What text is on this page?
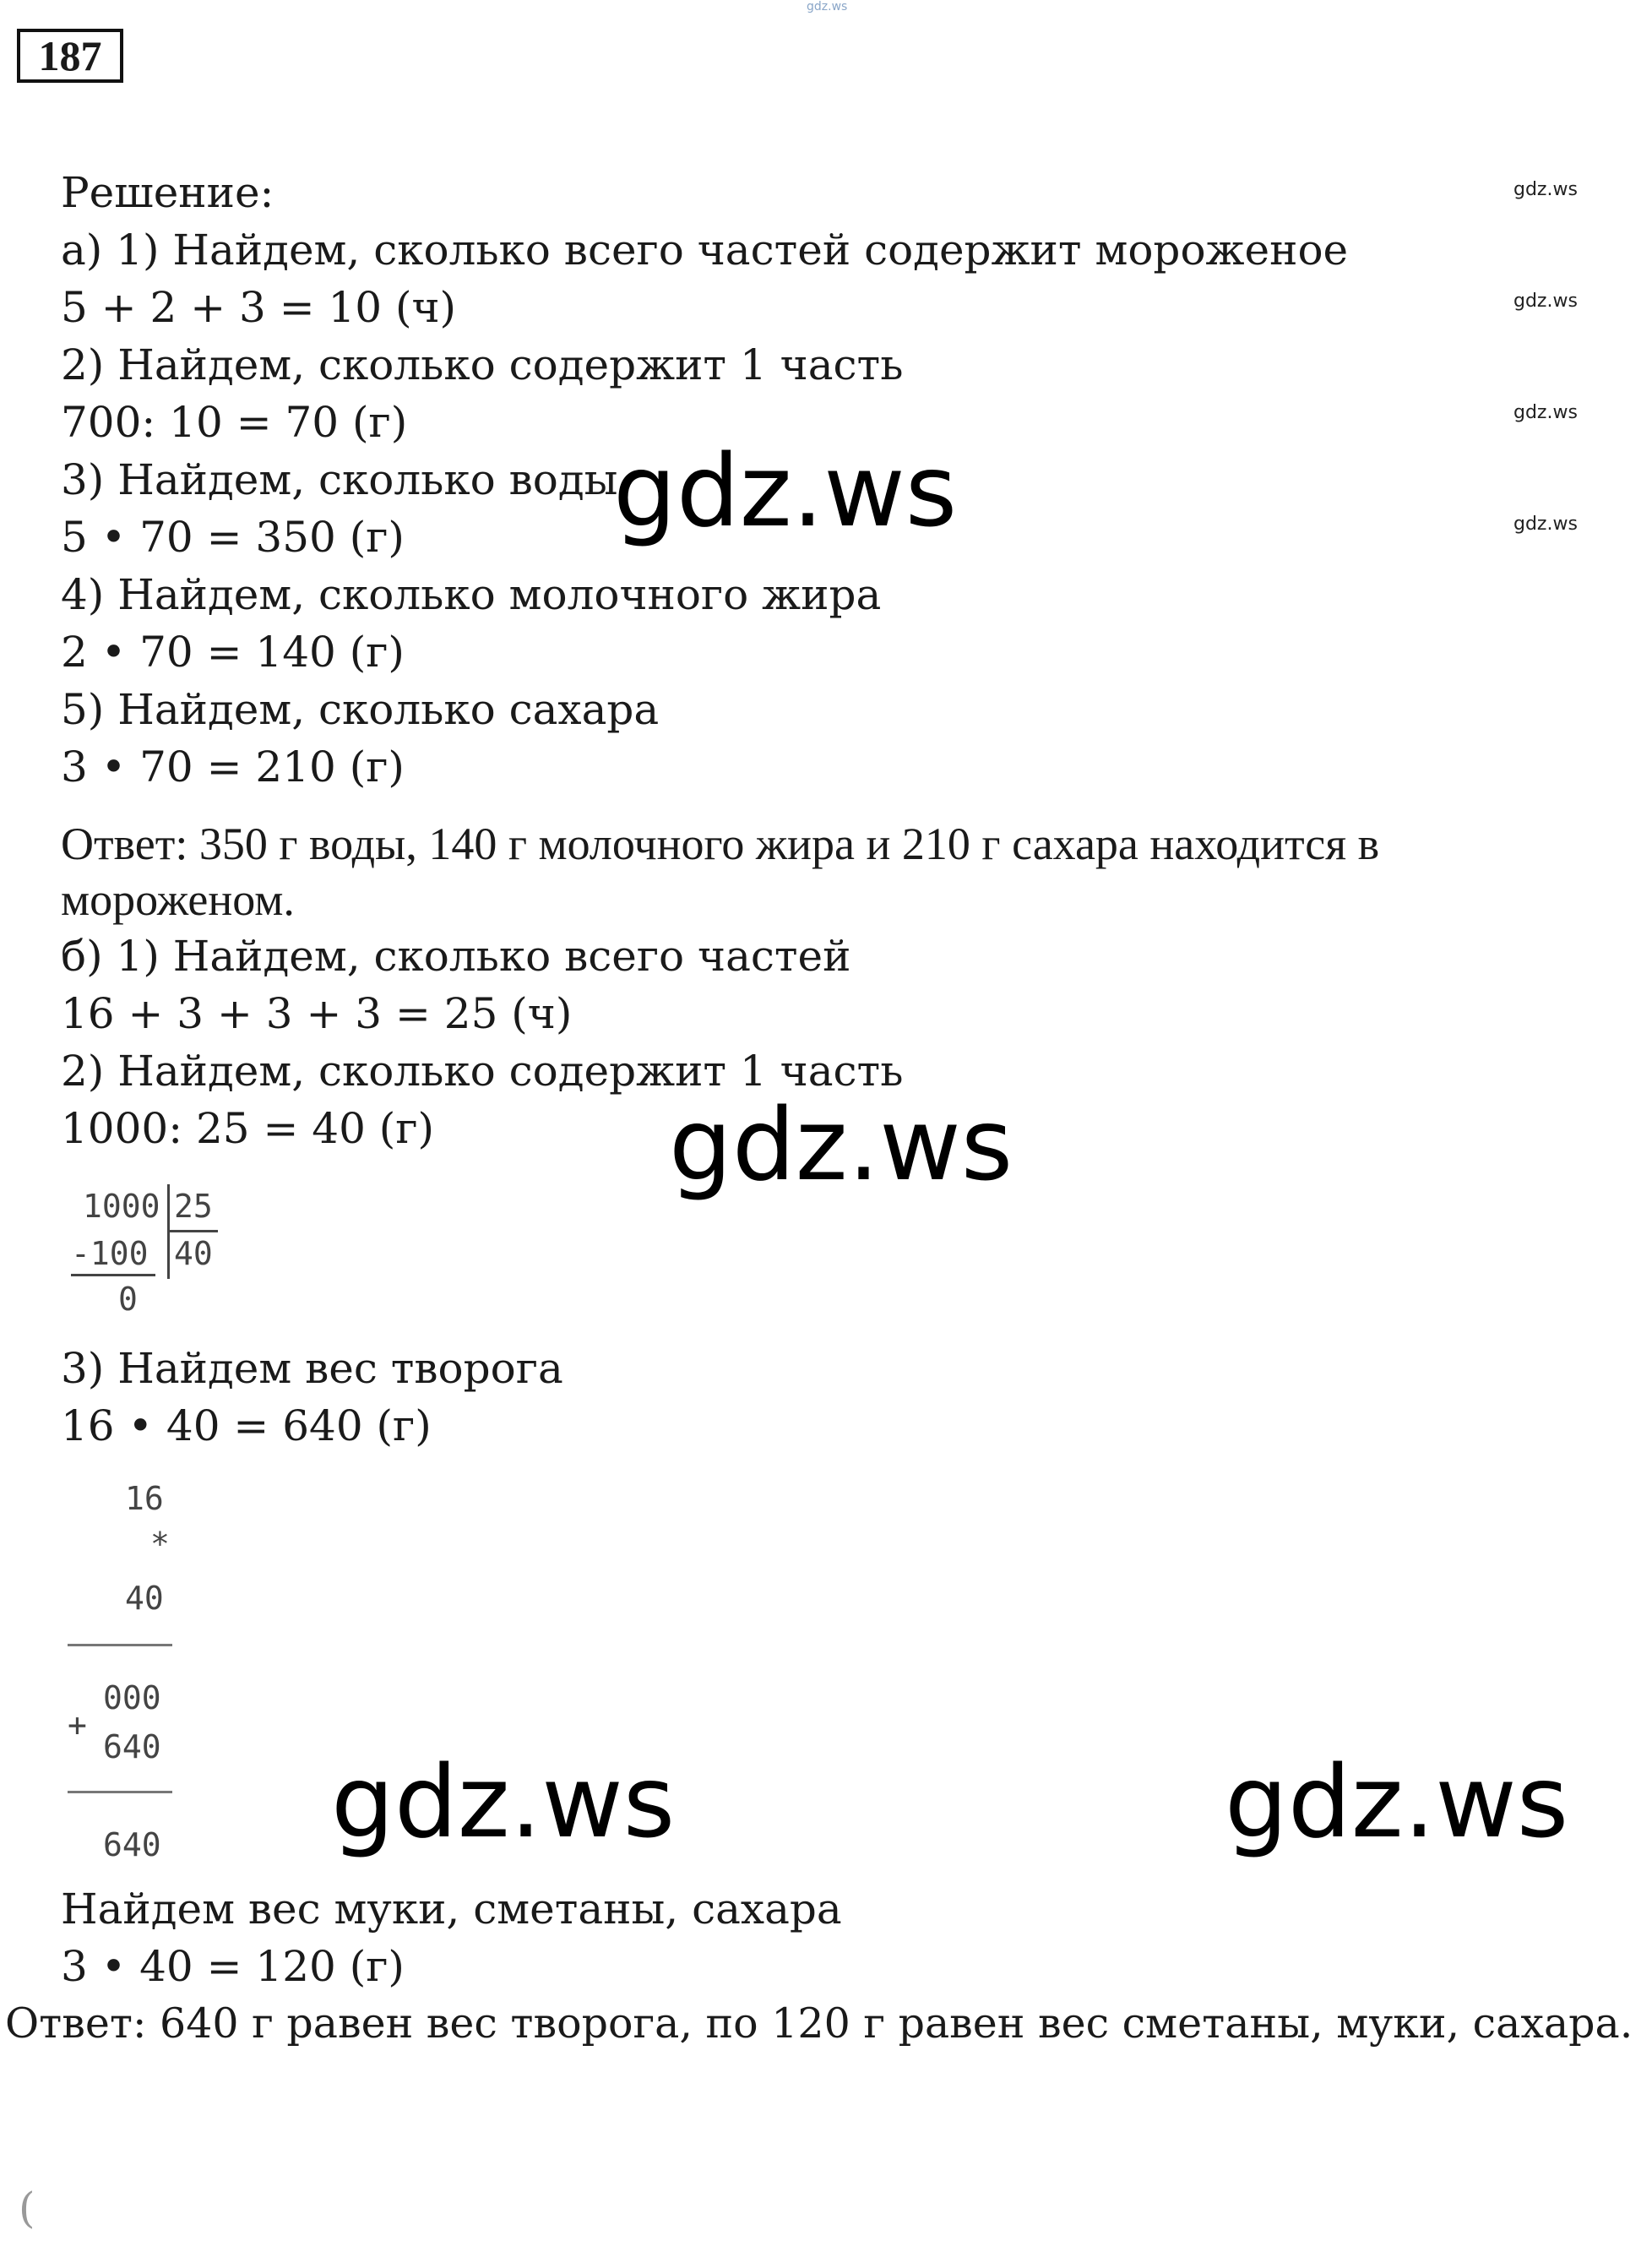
gdz.ws
187
gdz.ws
gdz.ws
gdz.ws
gdz.ws
Решение:
а) 1) Найдем, сколько всего частей содержит мороженое
5 + 2 + 3 = 10 (ч)
2) Найдем, сколько содержит 1 часть
700: 10 = 70 (г)
3) Найдем, сколько воды
5 • 70 = 350 (г)
4) Найдем, сколько молочного жира
2 • 70 = 140 (г)
5) Найдем, сколько сахара
3 • 70 = 210 (г)
Ответ: 350 г воды, 140 г молочного жира и 210 г сахара находится в
мороженом.
б) 1) Найдем, сколько всего частей
16 + 3 + 3 + 3 = 25 (ч)
2) Найдем, сколько содержит 1 часть
1000: 25 = 40 (г)
1000 25
-100 40
0
3) Найдем вес творога
16 • 40 = 640 (г)
16
*
40
000
+
640
640
Найдем вес муки, сметаны, сахара
3 • 40 = 120 (г)
Ответ: 640 г равен вес творога, по 120 г равен вес сметаны, муки, сахара.
(
gdz.ws
gdz.ws
gdz.ws	gdz.ws
